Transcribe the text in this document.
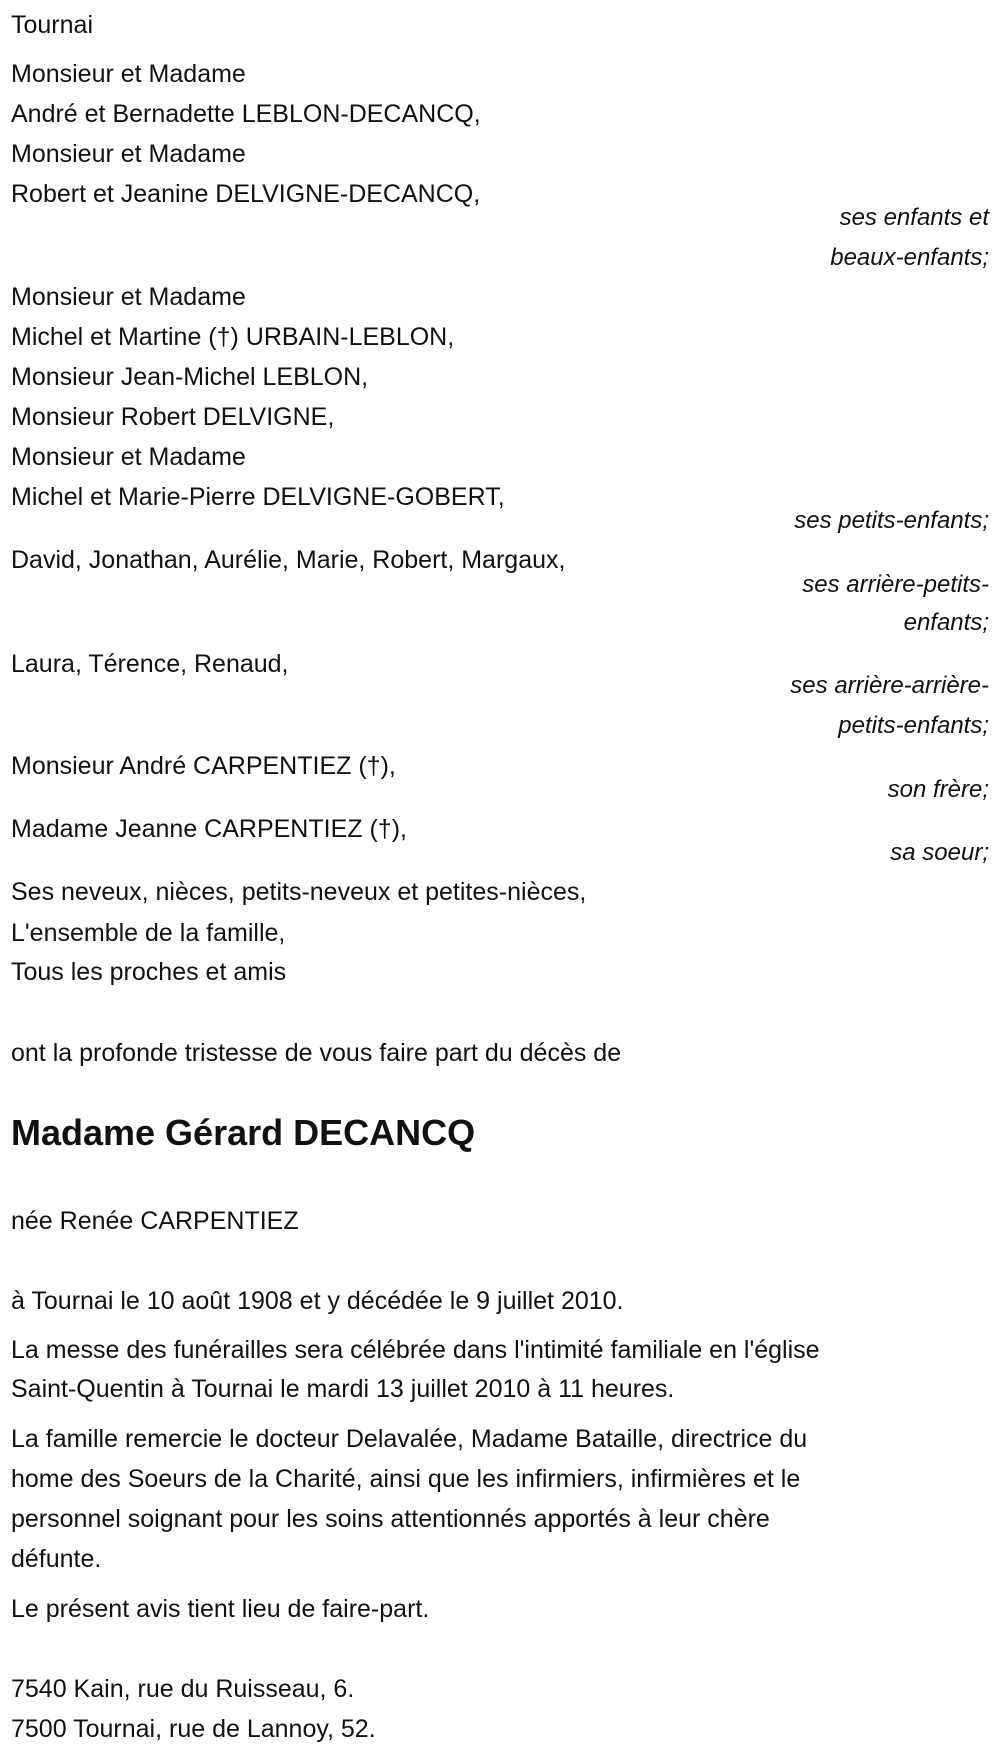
Tournai
Monsieur et Madame
André et Bernadette LEBLON-DECANCQ,
Monsieur et Madame
Robert et Jeanine DELVIGNE-DECANCQ,
ses enfants et
beaux-enfants;
Monsieur et Madame
Michel et Martine (†) URBAIN-LEBLON,
Monsieur Jean-Michel LEBLON,
Monsieur Robert DELVIGNE,
Monsieur et Madame
Michel et Marie-Pierre DELVIGNE-GOBERT,
ses petits-enfants;
David, Jonathan, Aurélie, Marie, Robert, Margaux,
ses arrière-petits-
enfants;
Laura, Térence, Renaud,
ses arrière-arrière-
petits-enfants;
Monsieur André CARPENTIEZ (†),
son frère;
Madame Jeanne CARPENTIEZ (†),
sa soeur;
Ses neveux, nièces, petits-neveux et petites-nièces,
L'ensemble de la famille,
Tous les proches et amis
ont la profonde tristesse de vous faire part du décès de
Madame Gérard DECANCQ
née Renée CARPENTIEZ
à Tournai le 10 août 1908 et y décédée le 9 juillet 2010.
La messe des funérailles sera célébrée dans l'intimité familiale en l'église
Saint-Quentin à Tournai le mardi 13 juillet 2010 à 11 heures.
La famille remercie le docteur Delavalée, Madame Bataille, directrice du
home des Soeurs de la Charité, ainsi que les infirmiers, infirmières et le
personnel soignant pour les soins attentionnés apportés à leur chère
défunte.
Le présent avis tient lieu de faire-part.
7540 Kain, rue du Ruisseau, 6.
7500 Tournai, rue de Lannoy, 52.
